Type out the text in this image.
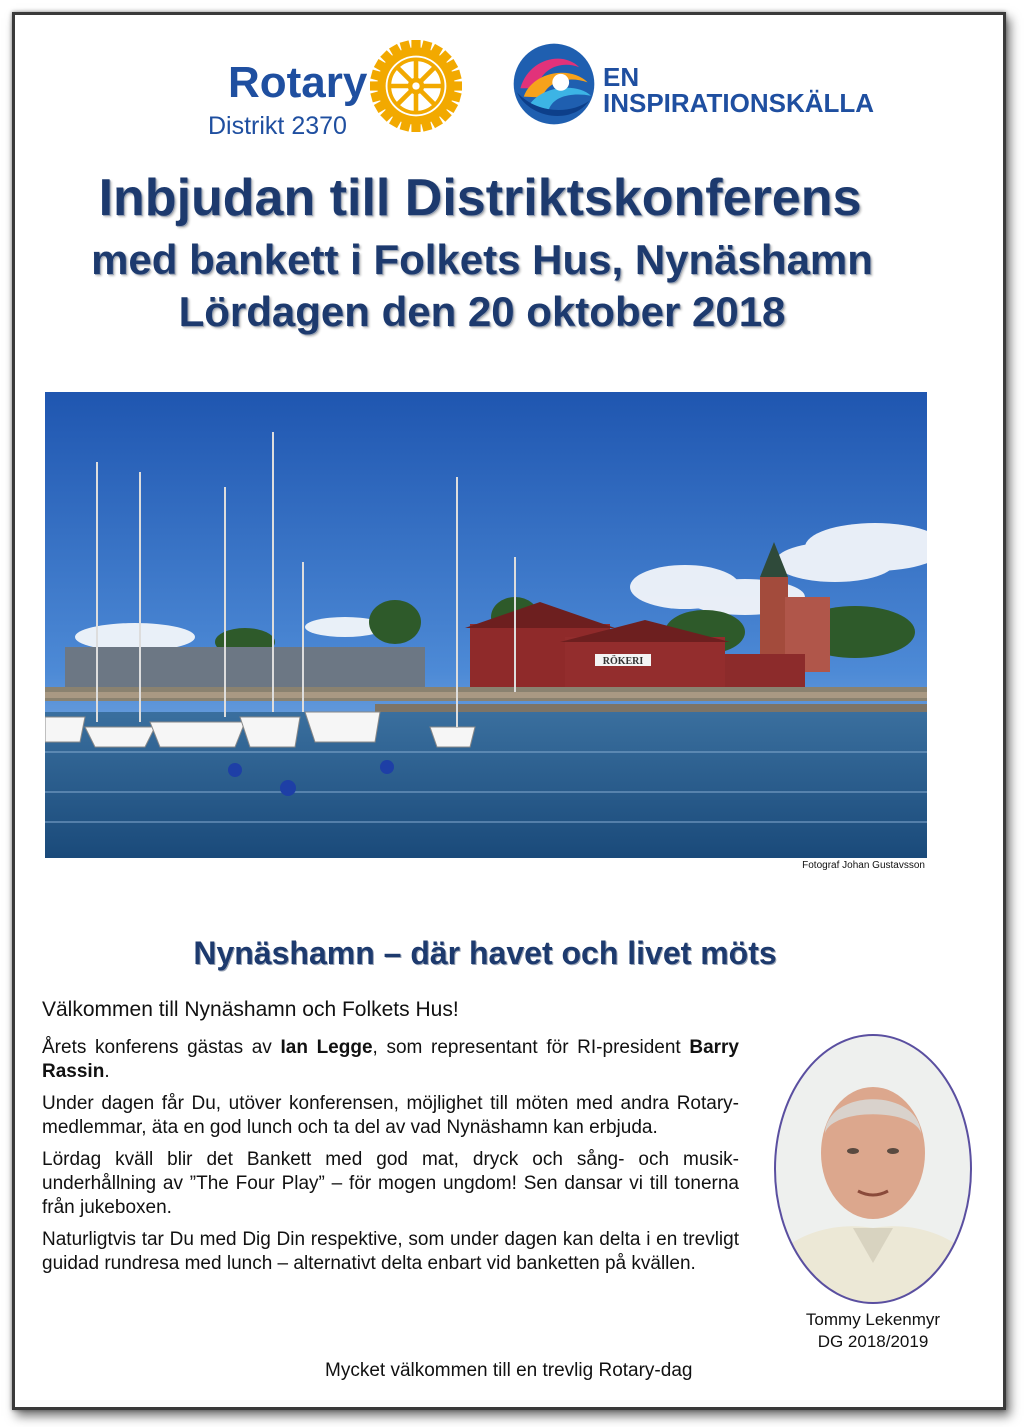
Rotary
Distrikt 2370
EN
INSPIRATIONSKÄLLA
Inbjudan till Distriktskonferens
med bankett i Folkets Hus, Nynäshamn
Lördagen den 20 oktober 2018
RÖKERI
Fotograf Johan Gustavsson
Nynäshamn – där havet och livet möts

Välkommen till Nynäshamn och Folkets Hus!

Årets konferens gästas av Ian Legge, som representant för RI-president Barry Rassin.

Under dagen får Du, utöver konferensen, möjlighet till möten med andra Rotary-medlemmar, äta en god lunch och ta del av vad Nynäshamn kan erbjuda.

Lördag kväll blir det Bankett med god mat, dryck och sång- och musik-underhållning av ”The Four Play” – för mogen ungdom! Sen dansar vi till tonerna från jukeboxen.

Naturligtvis tar Du med Dig Din respektive, som under dagen kan delta i en trevligt guidad rundresa med lunch – alternativt delta enbart vid banketten på kvällen.

Mycket välkommen till en trevlig Rotary-dag
Tommy Lekenmyr
DG 2018/2019
